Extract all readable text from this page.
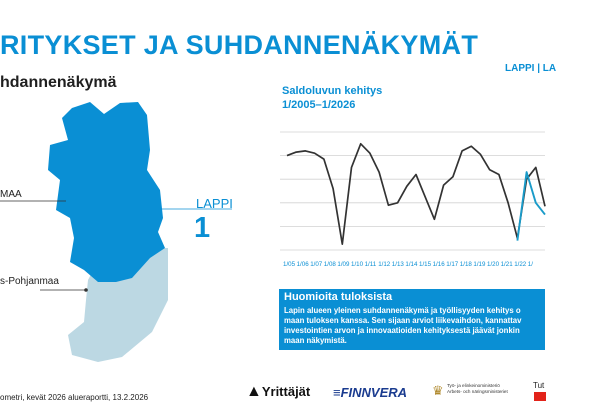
RITYKSET JA SUHDANNENÄKYMÄT
hdannenäkymä
LAPPI | LA
MAA
s-Pohjanmaa
LAPPI
1
Saldoluvun kehitys
1/2005–1/2026
1/05 1/06 1/07 1/08 1/09 1/10 1/11 1/12 1/13 1/14 1/15 1/16 1/17 1/18 1/19 1/20 1/21 1/22 1/
Huomioita tuloksista
Lapin alueen yleinen suhdannenäkymä ja työllisyyden kehitys o
maan tuloksen kanssa. Sen sijaan arviot liikevaihdon, kannattav
investointien arvon ja innovaatioiden kehityksestä jäävät jonkin
maan näkymistä.
ometri, kevät 2026 alueraportti, 13.2.2026	▲Yrittäjät ≡FINNVERA ♛ Työ- ja elinkeinoministeriö
Arbets- och näringsministeriet
Tut
